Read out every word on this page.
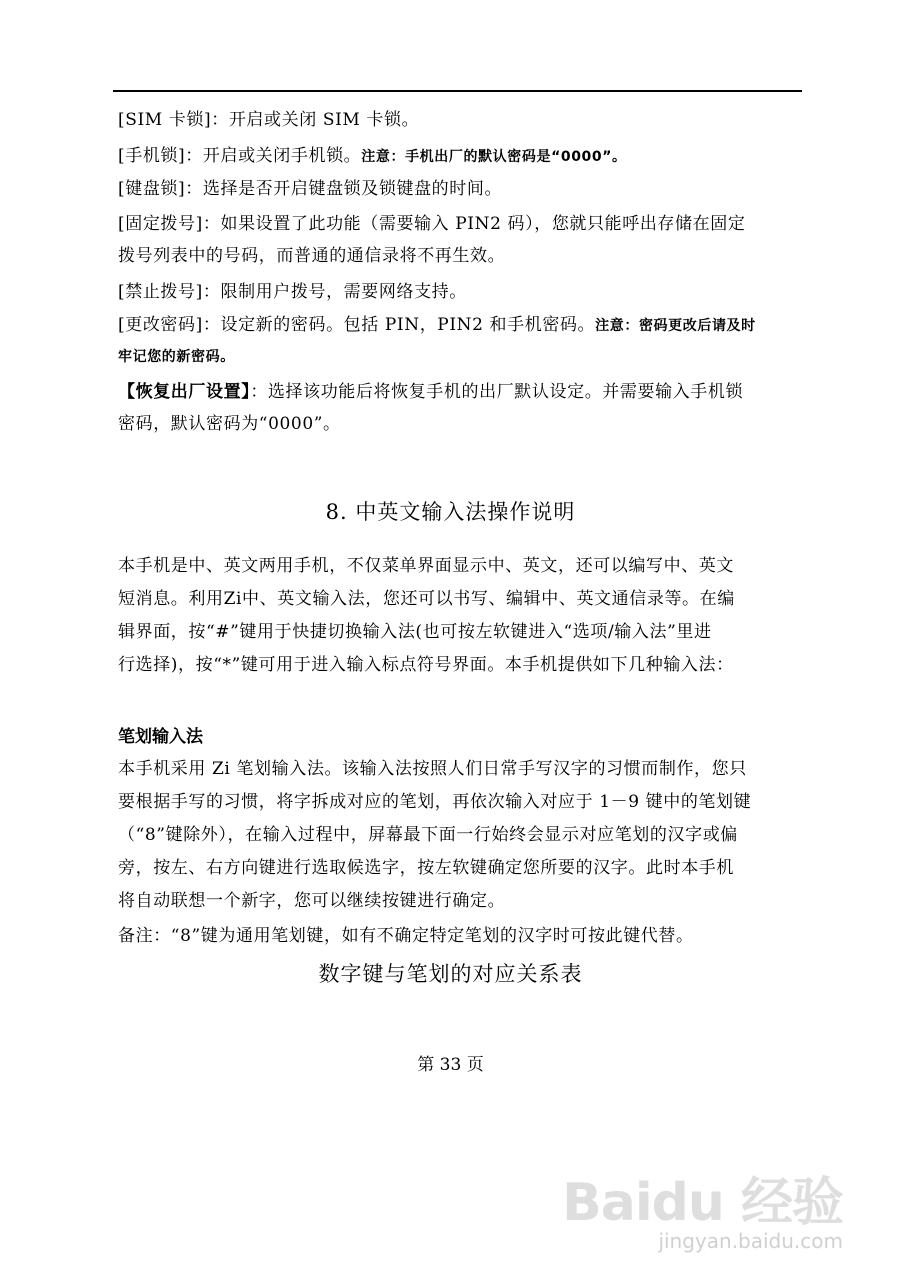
[SIM 卡锁]：开启或关闭 SIM 卡锁。
[手机锁]：开启或关闭手机锁。注意：手机出厂的默认密码是“0000”。
[键盘锁]：选择是否开启键盘锁及锁键盘的时间。
[固定拨号]：如果设置了此功能（需要输入 PIN2 码），您就只能呼出存储在固定
拨号列表中的号码，而普通的通信录将不再生效。
[禁止拨号]：限制用户拨号，需要网络支持。
[更改密码]：设定新的密码。包括 PIN，PIN2 和手机密码。注意：密码更改后请及时
牢记您的新密码。
【恢复出厂设置】：选择该功能后将恢复手机的出厂默认设定。并需要输入手机锁
密码，默认密码为“0000”。
8. 中英文输入法操作说明
本手机是中、英文两用手机，不仅菜单界面显示中、英文，还可以编写中、英文
短消息。利用Zi中、英文输入法，您还可以书写、编辑中、英文通信录等。在编
辑界面，按“#”键用于快捷切换输入法(也可按左软键进入“选项/输入法”里进
行选择)，按“*”键可用于进入输入标点符号界面。本手机提供如下几种输入法：
笔划输入法
本手机采用 Zi 笔划输入法。该输入法按照人们日常手写汉字的习惯而制作，您只
要根据手写的习惯，将字拆成对应的笔划，再依次输入对应于 1－9 键中的笔划键
（“8”键除外），在输入过程中，屏幕最下面一行始终会显示对应笔划的汉字或偏
旁，按左、右方向键进行选取候选字，按左软键确定您所要的汉字。此时本手机
将自动联想一个新字，您可以继续按键进行确定。
备注：“8”键为通用笔划键，如有不确定特定笔划的汉字时可按此键代替。
数字键与笔划的对应关系表
第 33 页
Baidu 经验
jingyan.baidu.com
